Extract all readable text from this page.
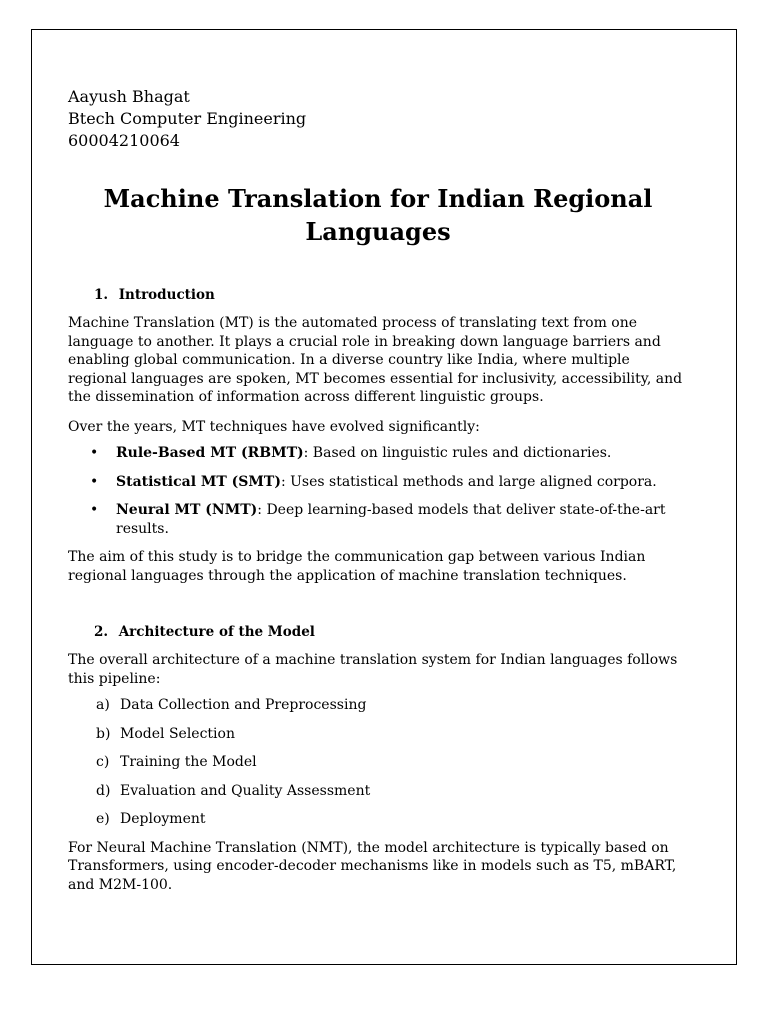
Aayush Bhagat

Btech Computer Engineering

60004210064

Machine Translation for Indian Regional Languages
1. Introduction

Machine Translation (MT) is the automated process of translating text from one language to another. It plays a crucial role in breaking down language barriers and enabling global communication. In a diverse country like India, where multiple regional languages are spoken, MT becomes essential for inclusivity, accessibility, and the dissemination of information across different linguistic groups.

Over the years, MT techniques have evolved significantly:

• Rule-Based MT (RBMT): Based on linguistic rules and dictionaries.
• Statistical MT (SMT): Uses statistical methods and large aligned corpora.
• Neural MT (NMT): Deep learning-based models that deliver state-of-the-art results.

The aim of this study is to bridge the communication gap between various Indian regional languages through the application of machine translation techniques.

2. Architecture of the Model

The overall architecture of a machine translation system for Indian languages follows this pipeline:

a) Data Collection and Preprocessing
b) Model Selection
c) Training the Model
d) Evaluation and Quality Assessment
e) Deployment

For Neural Machine Translation (NMT), the model architecture is typically based on Transformers, using encoder-decoder mechanisms like in models such as T5, mBART, and M2M-100.
